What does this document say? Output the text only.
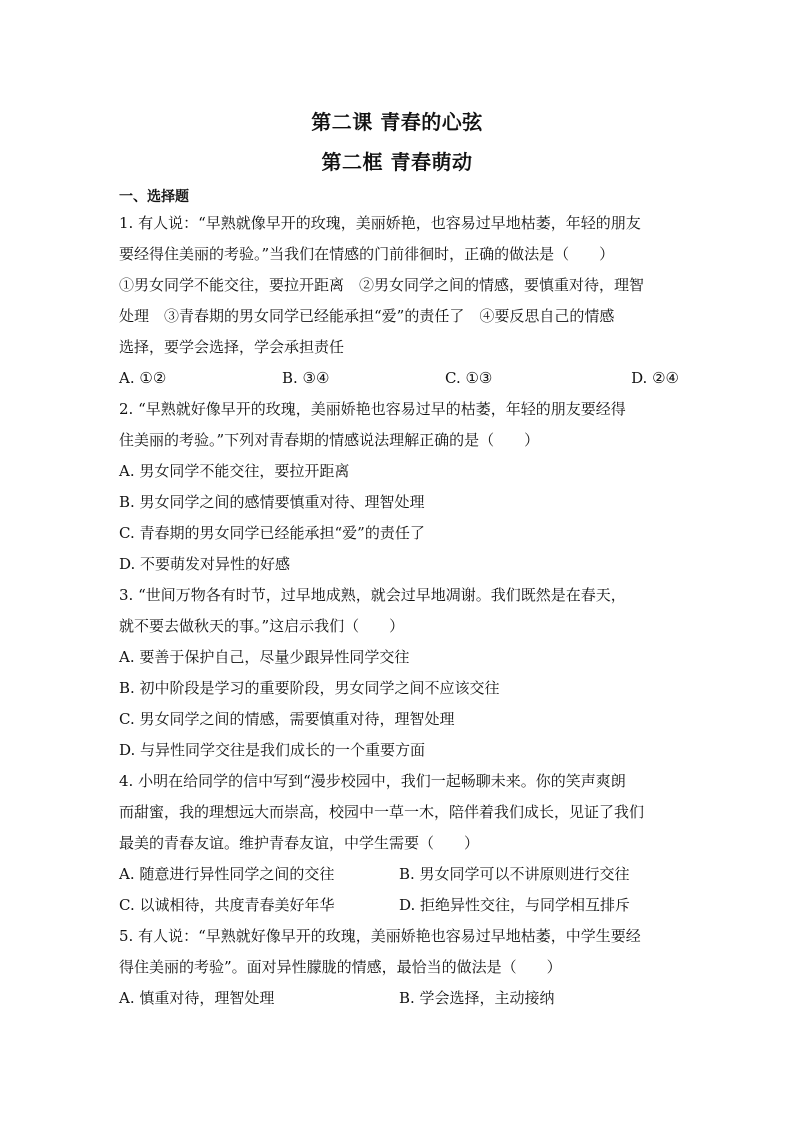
第二课 青春的心弦
第二框 青春萌动
一、选择题

1. 有人说：“早熟就像早开的玫瑰，美丽娇艳，也容易过早地枯萎，年轻的朋友

要经得住美丽的考验。”当我们在情感的门前徘徊时，正确的做法是（　　）

①男女同学不能交往，要拉开距离　②男女同学之间的情感，要慎重对待，理智

处理　③青春期的男女同学已经能承担“爱”的责任了　④要反思自己的情感

选择，要学会选择，学会承担责任

A. ①②	B. ③④	C. ①③	D. ②④

2. “早熟就好像早开的玫瑰，美丽娇艳也容易过早的枯萎，年轻的朋友要经得

住美丽的考验。”下列对青春期的情感说法理解正确的是（　　）

A. 男女同学不能交往，要拉开距离

B. 男女同学之间的感情要慎重对待、理智处理

C. 青春期的男女同学已经能承担“爱”的责任了

D. 不要萌发对异性的好感

3. “世间万物各有时节，过早地成熟，就会过早地凋谢。我们既然是在春天，

就不要去做秋天的事。”这启示我们（　　）

A. 要善于保护自己，尽量少跟异性同学交往

B. 初中阶段是学习的重要阶段，男女同学之间不应该交往

C. 男女同学之间的情感，需要慎重对待，理智处理

D. 与异性同学交往是我们成长的一个重要方面

4. 小明在给同学的信中写到“漫步校园中，我们一起畅聊未来。你的笑声爽朗

而甜蜜，我的理想远大而崇高，校园中一草一木，陪伴着我们成长，见证了我们

最美的青春友谊。维护青春友谊，中学生需要（　　）

A. 随意进行异性同学之间的交往	B. 男女同学可以不讲原则进行交往
C. 以诚相待，共度青春美好年华	D. 拒绝异性交往，与同学相互排斥

5. 有人说：“早熟就好像早开的玫瑰，美丽娇艳也容易过早地枯萎，中学生要经

得住美丽的考验”。面对异性朦胧的情感，最恰当的做法是（　　）

A. 慎重对待，理智处理	B. 学会选择，主动接纳
